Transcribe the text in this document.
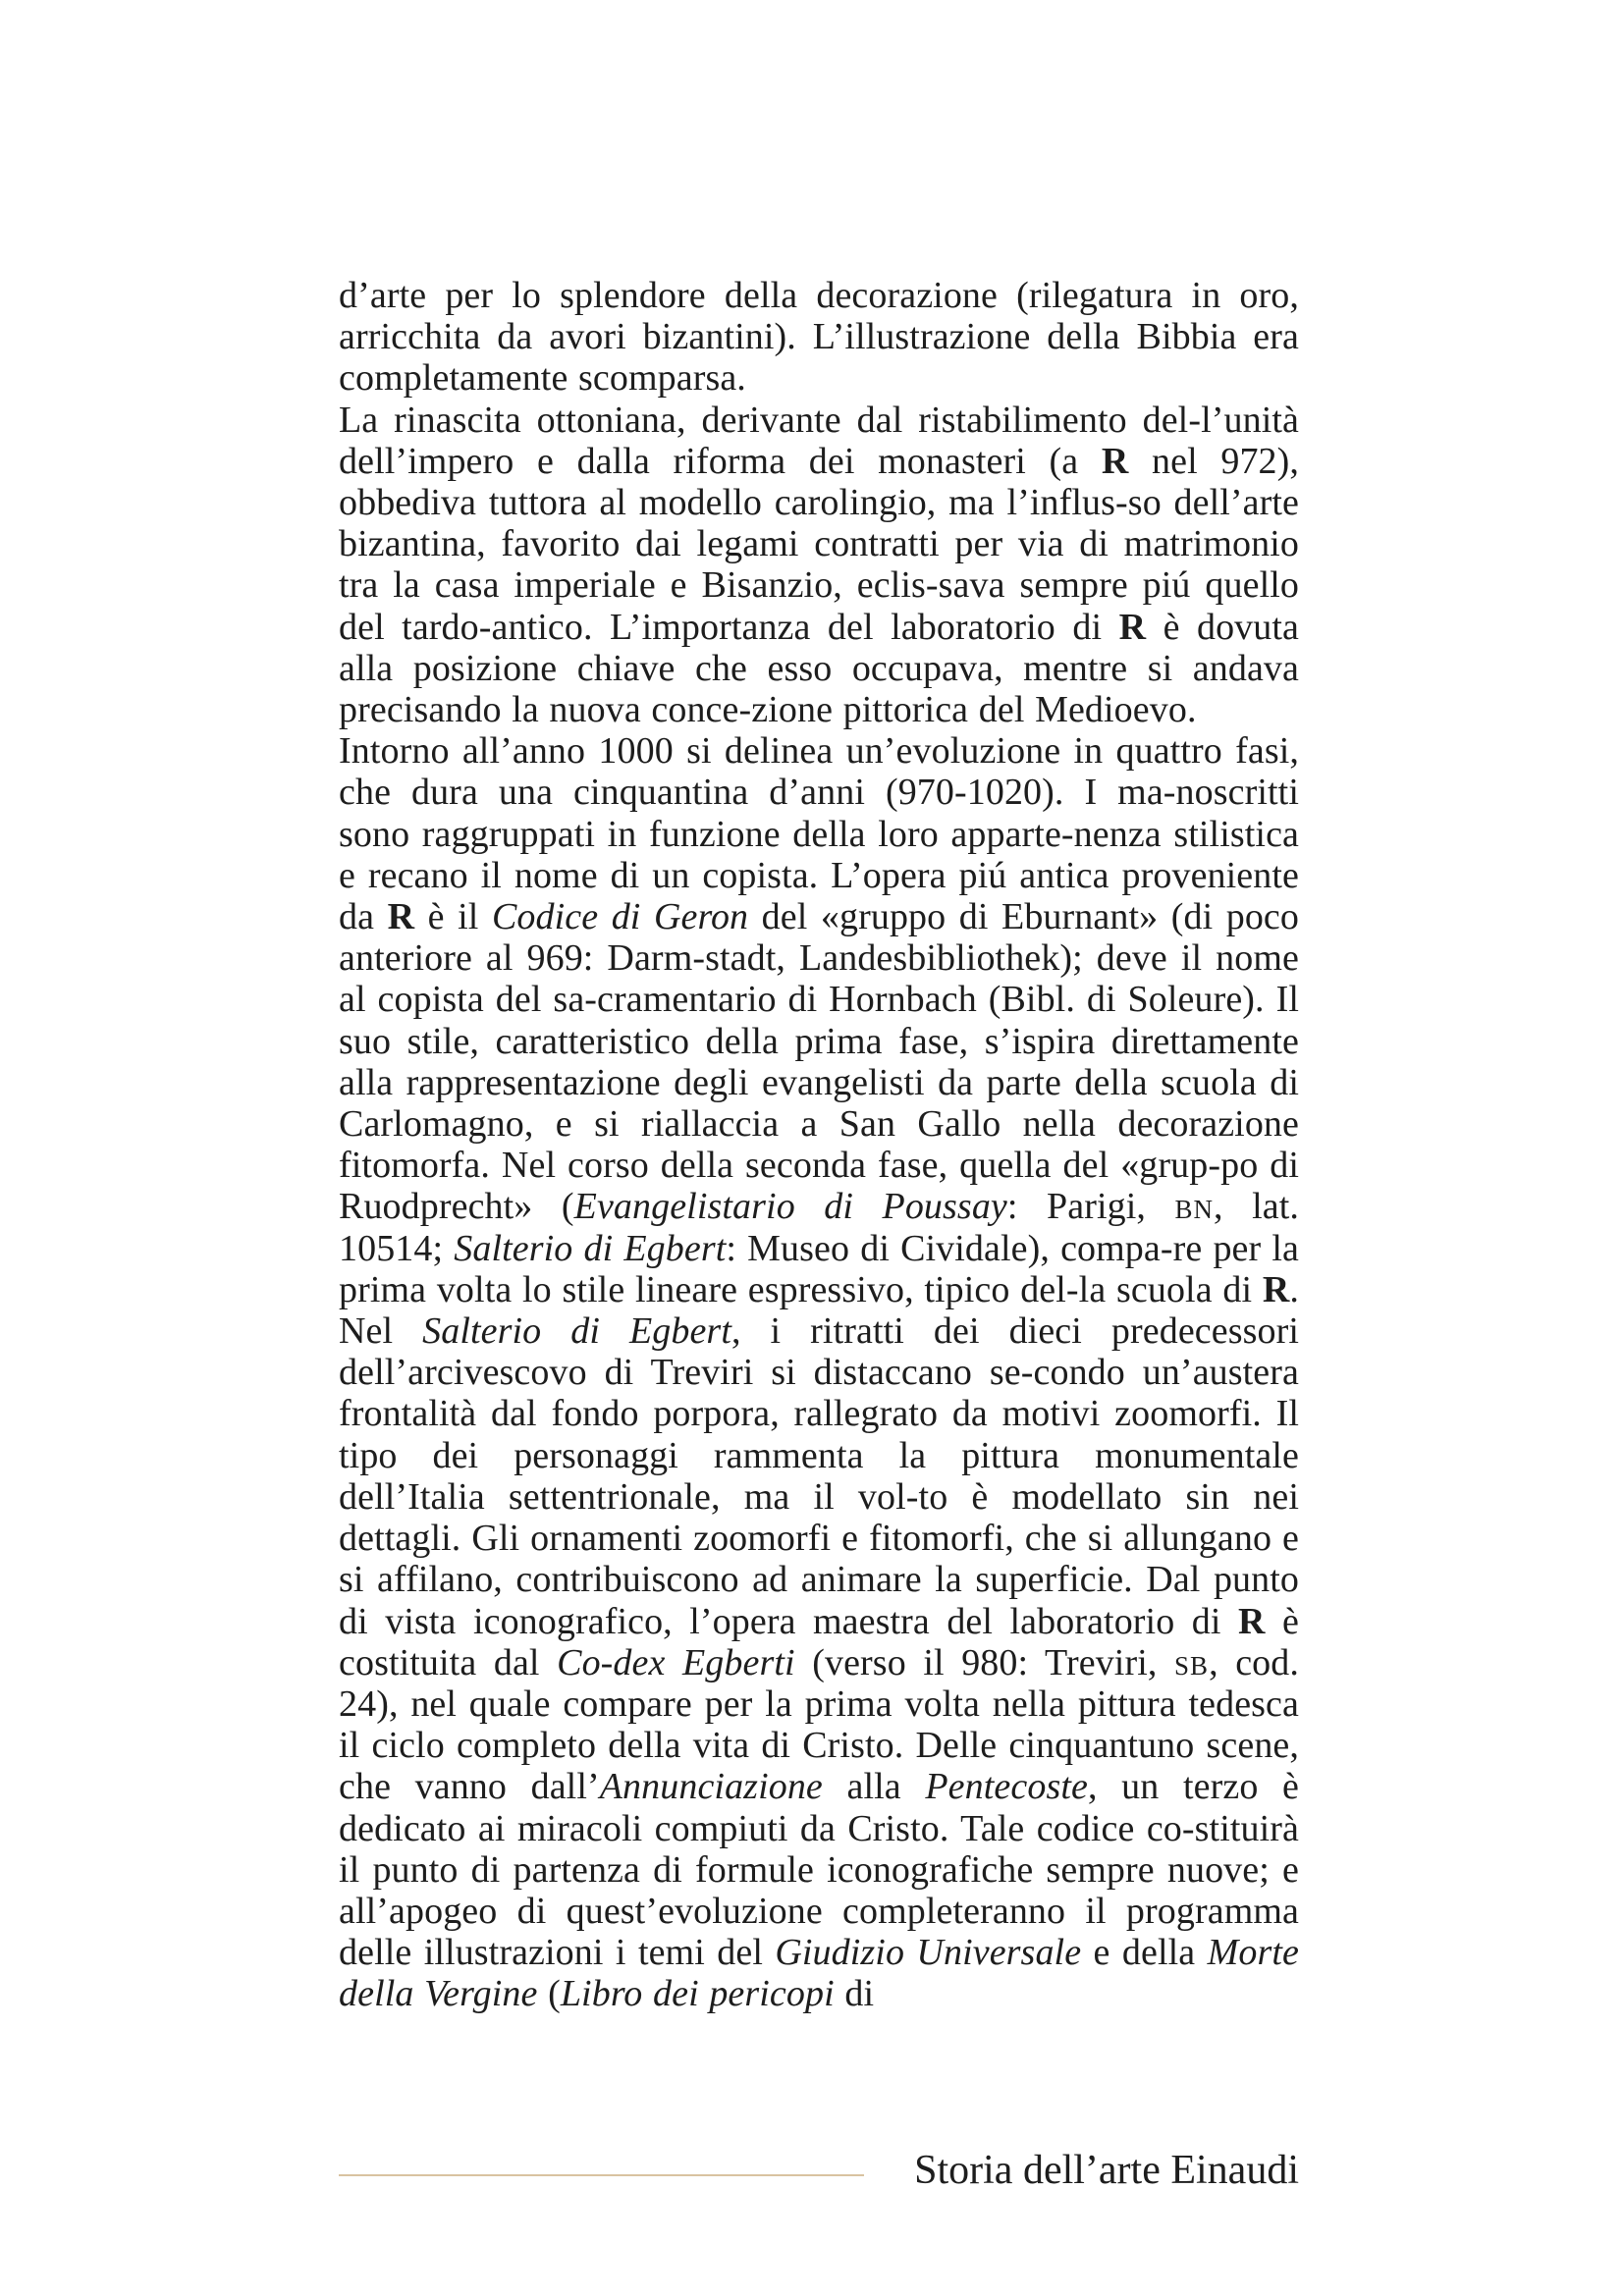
d’arte per lo splendore della decorazione (rilegatura in oro, arricchita da avori bizantini). L’illustrazione della Bibbia era completamente scomparsa.

La rinascita ottoniana, derivante dal ristabilimento del-l’unità dell’impero e dalla riforma dei monasteri (a R nel 972), obbediva tuttora al modello carolingio, ma l’influs-so dell’arte bizantina, favorito dai legami contratti per via di matrimonio tra la casa imperiale e Bisanzio, eclis-sava sempre piú quello del tardo-antico. L’importanza del laboratorio di R è dovuta alla posizione chiave che esso occupava, mentre si andava precisando la nuova conce-zione pittorica del Medioevo.

Intorno all’anno 1000 si delinea un’evoluzione in quattro fasi, che dura una cinquantina d’anni (970-1020). I ma-noscritti sono raggruppati in funzione della loro apparte-nenza stilistica e recano il nome di un copista. L’opera piú antica proveniente da R è il Codice di Geron del «gruppo di Eburnant» (di poco anteriore al 969: Darm-stadt, Landesbibliothek); deve il nome al copista del sa-cramentario di Hornbach (Bibl. di Soleure). Il suo stile, caratteristico della prima fase, s’ispira direttamente alla rappresentazione degli evangelisti da parte della scuola di Carlomagno, e si riallaccia a San Gallo nella decorazione fitomorfa. Nel corso della seconda fase, quella del «grup-po di Ruodprecht» (Evangelistario di Poussay: Parigi, bn, lat. 10514; Salterio di Egbert: Museo di Cividale), compa-re per la prima volta lo stile lineare espressivo, tipico del-la scuola di R. Nel Salterio di Egbert, i ritratti dei dieci predecessori dell’arcivescovo di Treviri si distaccano se-condo un’austera frontalità dal fondo porpora, rallegrato da motivi zoomorfi. Il tipo dei personaggi rammenta la pittura monumentale dell’Italia settentrionale, ma il vol-to è modellato sin nei dettagli. Gli ornamenti zoomorfi e fitomorfi, che si allungano e si affilano, contribuiscono ad animare la superficie. Dal punto di vista iconografico, l’opera maestra del laboratorio di R è costituita dal Co-dex Egberti (verso il 980: Treviri, sb, cod. 24), nel quale compare per la prima volta nella pittura tedesca il ciclo completo della vita di Cristo. Delle cinquantuno scene, che vanno dall’Annunciazione alla Pentecoste, un terzo è dedicato ai miracoli compiuti da Cristo. Tale codice co-stituirà il punto di partenza di formule iconografiche sempre nuove; e all’apogeo di quest’evoluzione completeranno il programma delle illustrazioni i temi del Giudizio Universale e della Morte della Vergine (Libro dei pericopi di

Storia dell’arte Einaudi
